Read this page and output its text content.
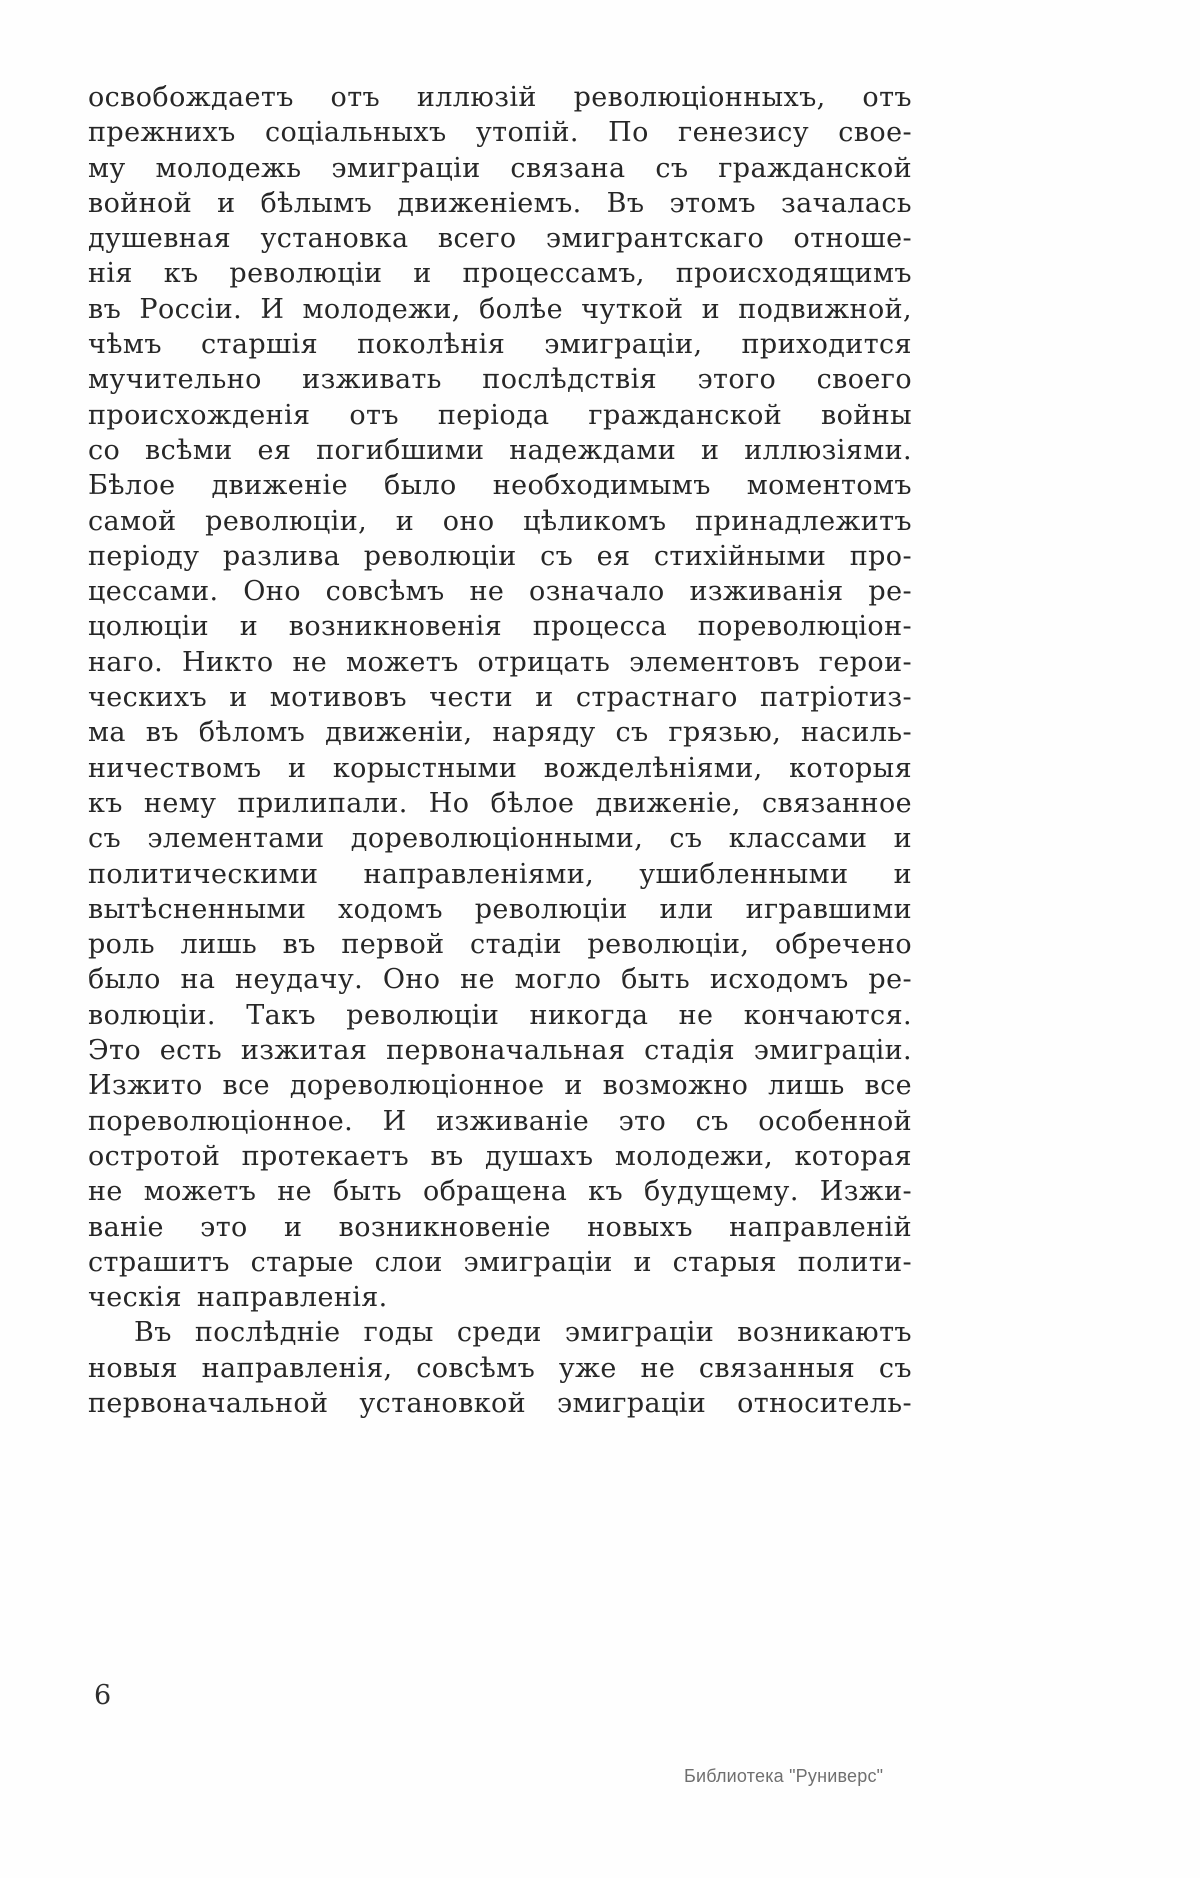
освобождаетъ отъ иллюзій революціонныхъ, отъ
прежнихъ соціальныхъ утопій. По генезису свое-
му молодежь эмиграціи связана съ гражданской
войной и бѣлымъ движеніемъ. Въ этомъ зачалась
душевная установка всего эмигрантскаго отноше-
нія къ революціи и процессамъ, происходящимъ
въ Россіи. И молодежи, болѣе чуткой и подвижной,
чѣмъ старшія поколѣнія эмиграціи, приходится
мучительно изживать послѣдствія этого своего
происхожденія отъ періода гражданской войны
со всѣми ея погибшими надеждами и иллюзіями.
Бѣлое движеніе было необходимымъ моментомъ
самой революціи, и оно цѣликомъ принадлежитъ
періоду разлива революціи съ ея стихійными про-
цессами. Оно совсѣмъ не означало изживанія ре-
цолюціи и возникновенія процесса пореволюціон-
наго. Никто не можетъ отрицать элементовъ герои-
ческихъ и мотивовъ чести и страстнаго патріотиз-
ма въ бѣломъ движеніи, наряду съ грязью, насиль-
ничествомъ и корыстными вожделѣніями, которыя
къ нему прилипали. Но бѣлое движеніе, связанное
съ элементами дореволюціонными, съ классами и
политическими направленіями, ушибленными и
вытѣсненными ходомъ революціи или игравшими
роль лишь въ первой стадіи революціи, обречено
было на неудачу. Оно не могло быть исходомъ ре-
волюціи. Такъ революціи никогда не кончаются.
Это есть изжитая первоначальная стадія эмиграціи.
Изжито все дореволюціонное и возможно лишь все
пореволюціонное. И изживаніе это съ особенной
остротой протекаетъ въ душахъ молодежи, которая
не можетъ не быть обращена къ будущему. Изжи-
ваніе это и возникновеніе новыхъ направленій
страшитъ старые слои эмиграціи и старыя полити-
ческія направленія.
Въ послѣдніе годы среди эмиграціи возникаютъ
новыя направленія, совсѣмъ уже не связанныя съ
первоначальной установкой эмиграціи относитель-
6
Библиотека "Руниверс"
